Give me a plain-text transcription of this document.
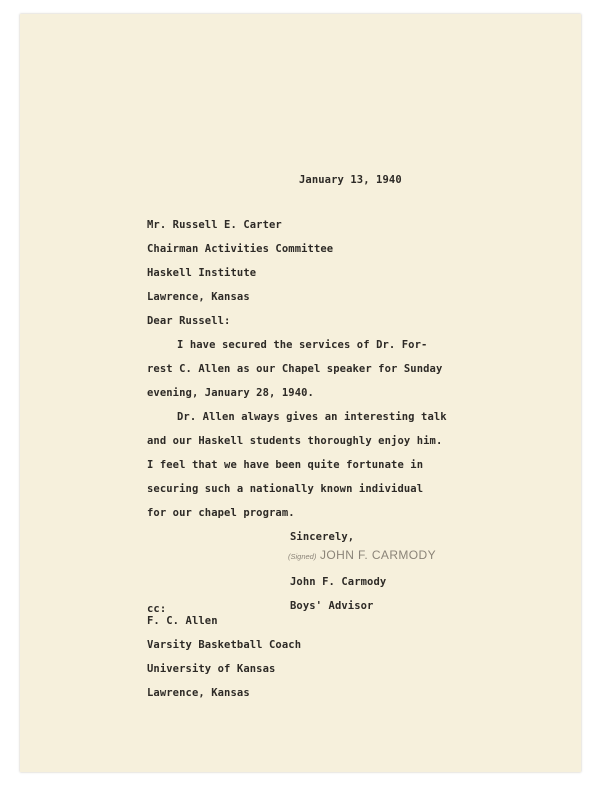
January 13, 1940
Mr. Russell E. Carter
Chairman Activities Committee
Haskell Institute
Lawrence, Kansas
Dear Russell:
I have secured the services of Dr. For-
rest C. Allen as our Chapel speaker for Sunday
evening, January 28, 1940.
Dr. Allen always gives an interesting talk
and our Haskell students thoroughly enjoy him.
I feel that we have been quite fortunate in
securing such a nationally known individual
for our chapel program.
Sincerely,
(Signed) JOHN F. CARMODY
John F. Carmody
Boys' Advisor
cc:
F. C. Allen
Varsity Basketball Coach
University of Kansas
Lawrence, Kansas
